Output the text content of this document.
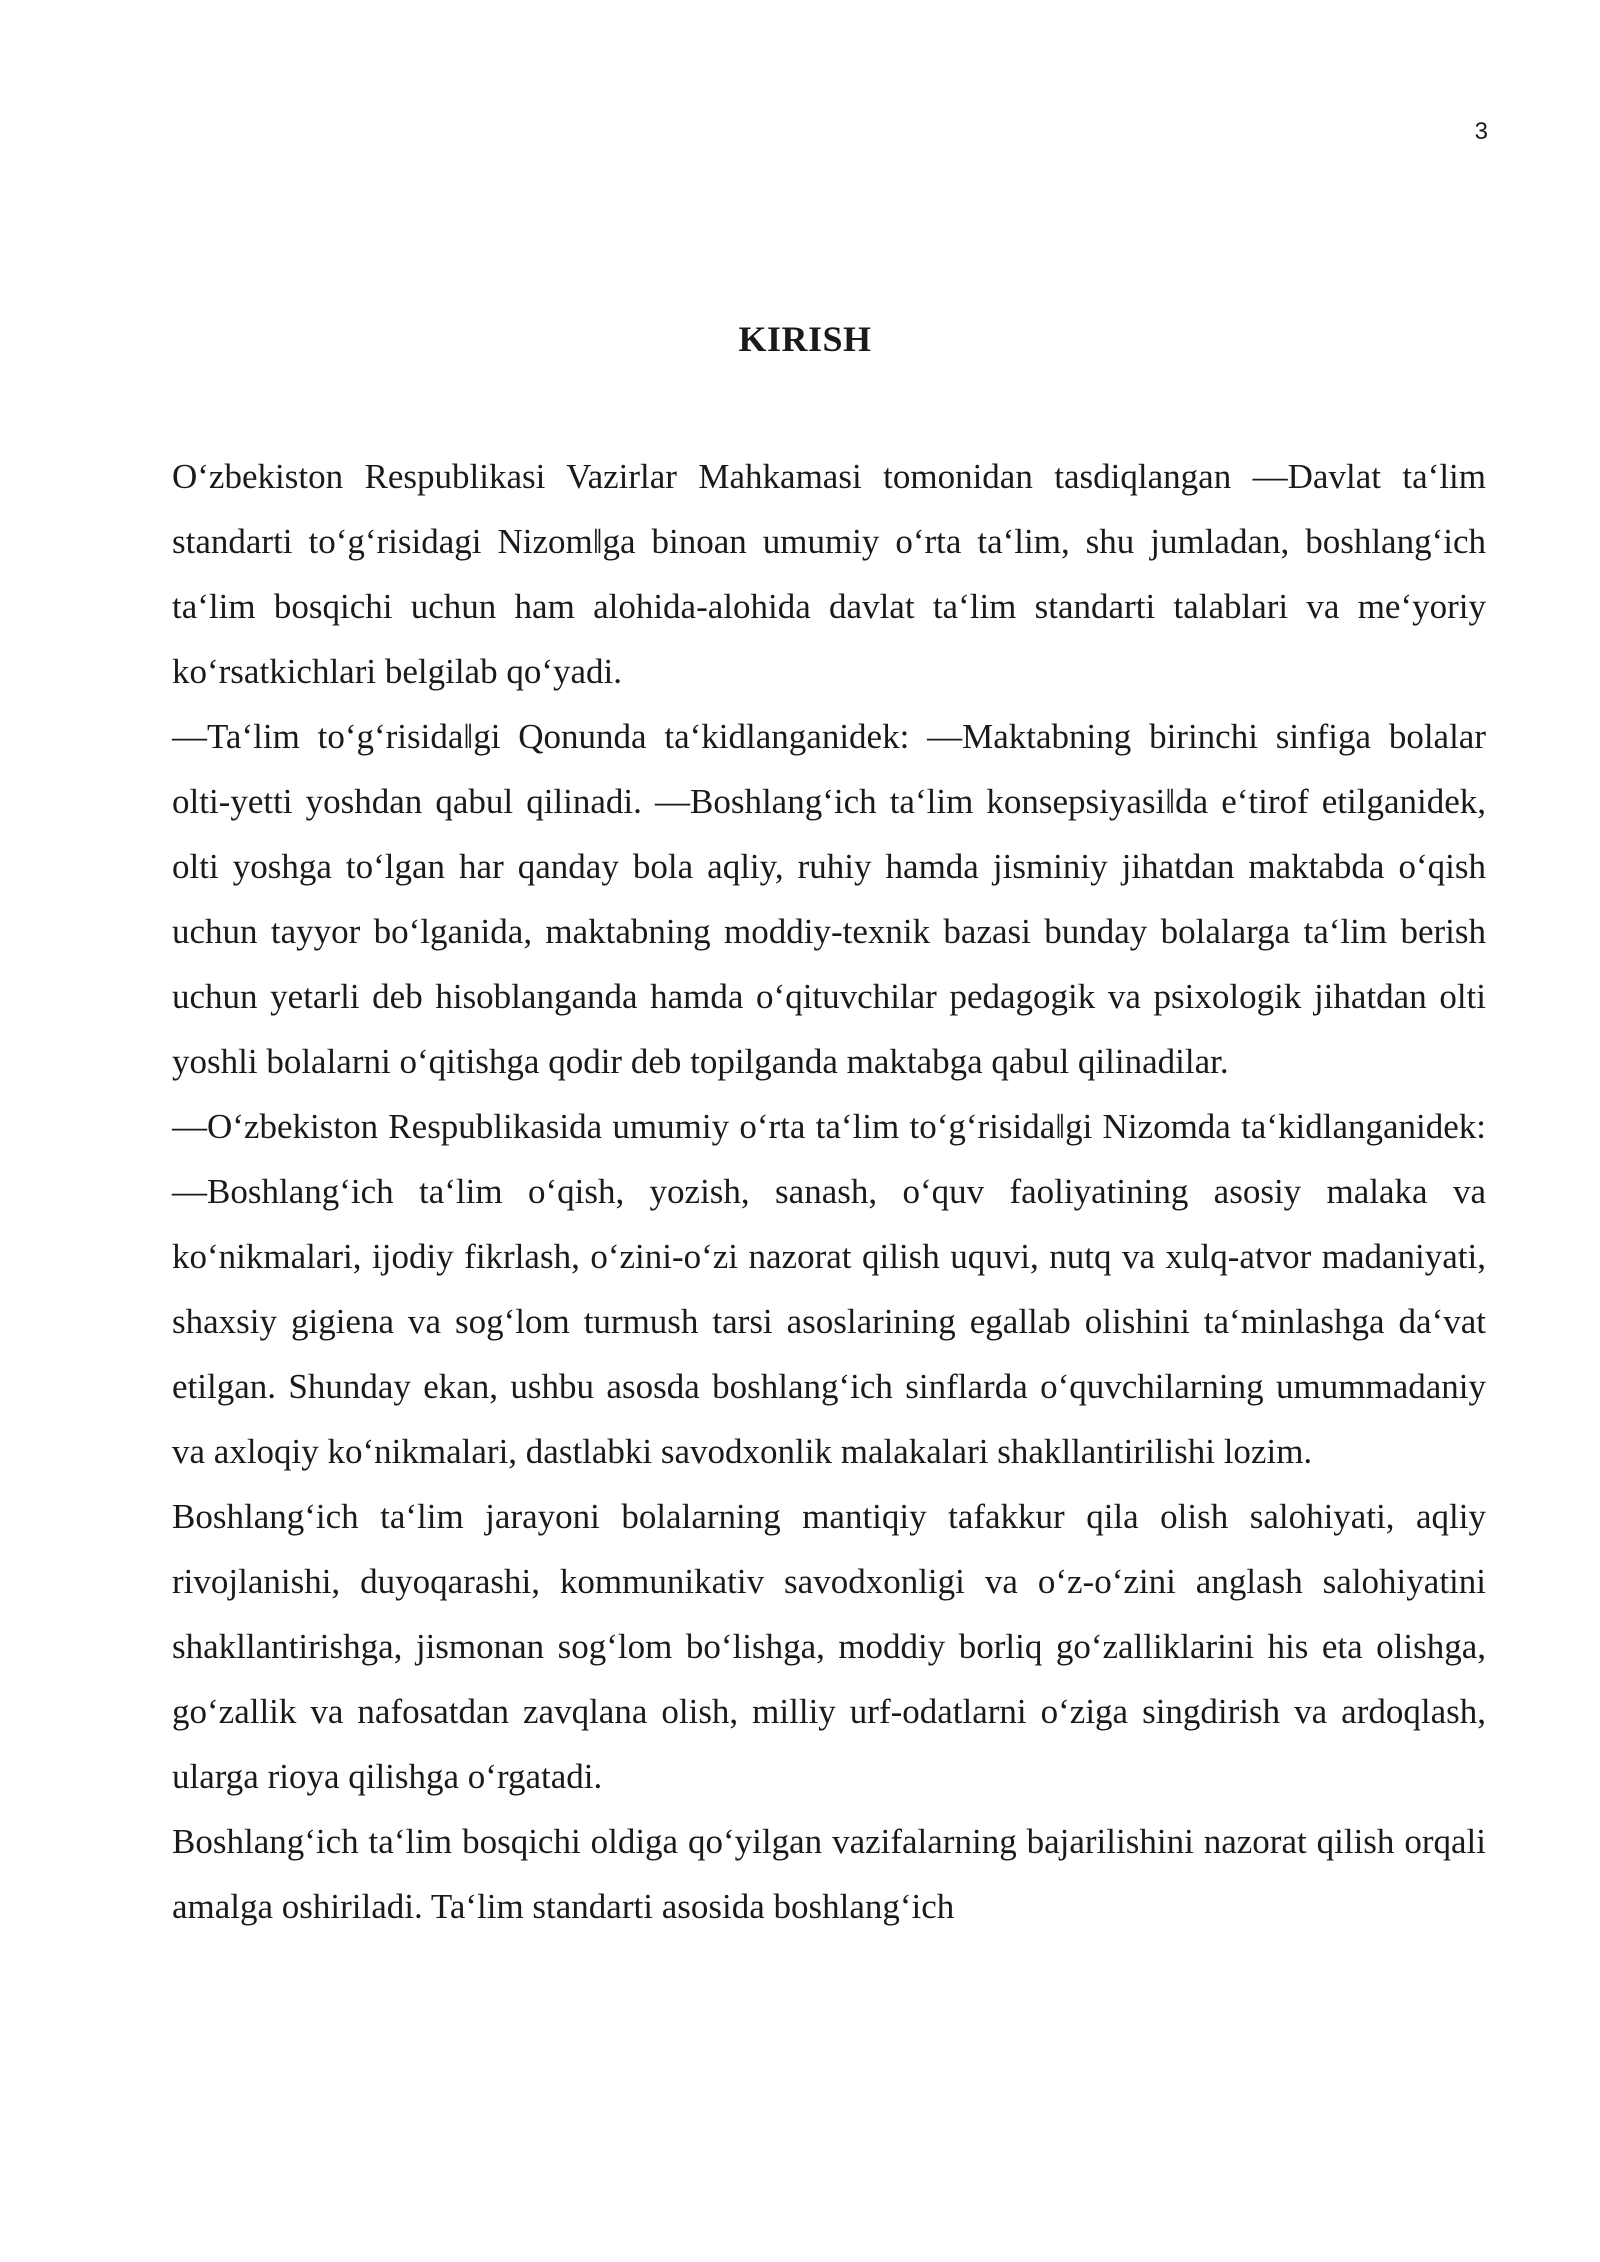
3
KIRISH

O‘zbekiston Respublikasi Vazirlar Mahkamasi tomonidan tasdiqlangan ―Davlat ta‘lim standarti to‘g‘risidagi Nizom‖ga binoan umumiy o‘rta ta‘lim, shu jumladan, boshlang‘ich ta‘lim bosqichi uchun ham alohida-alohida davlat ta‘lim standarti talablari va me‘yoriy ko‘rsatkichlari belgilab qo‘yadi.

―Ta‘lim to‘g‘risida‖gi Qonunda ta‘kidlanganidek: ―Maktabning birinchi sinfiga bolalar olti-yetti yoshdan qabul qilinadi. ―Boshlang‘ich ta‘lim konsepsiyasi‖da e‘tirof etilganidek, olti yoshga to‘lgan har qanday bola aqliy, ruhiy hamda jisminiy jihatdan maktabda o‘qish uchun tayyor bo‘lganida, maktabning moddiy-texnik bazasi bunday bolalarga ta‘lim berish uchun yetarli deb hisoblanganda hamda o‘qituvchilar pedagogik va psixologik jihatdan olti yoshli bolalarni o‘qitishga qodir deb topilganda maktabga qabul qilinadilar.

―O‘zbekiston Respublikasida umumiy o‘rta ta‘lim to‘g‘risida‖gi Nizomda ta‘kidlanganidek: ―Boshlang‘ich ta‘lim o‘qish, yozish, sanash, o‘quv faoliyatining asosiy malaka va ko‘nikmalari, ijodiy fikrlash, o‘zini-o‘zi nazorat qilish uquvi, nutq va xulq-atvor madaniyati, shaxsiy gigiena va sog‘lom turmush tarsi asoslarining egallab olishini ta‘minlashga da‘vat etilgan. Shunday ekan, ushbu asosda boshlang‘ich sinflarda o‘quvchilarning umummadaniy va axloqiy ko‘nikmalari, dastlabki savodxonlik malakalari shakllantirilishi lozim.

Boshlang‘ich ta‘lim jarayoni bolalarning mantiqiy tafakkur qila olish salohiyati, aqliy rivojlanishi, duyoqarashi, kommunikativ savodxonligi va o‘z-o‘zini anglash salohiyatini shakllantirishga, jismonan sog‘lom bo‘lishga, moddiy borliq go‘zalliklarini his eta olishga, go‘zallik va nafosatdan zavqlana olish, milliy urf-odatlarni o‘ziga singdirish va ardoqlash, ularga rioya qilishga o‘rgatadi.

Boshlang‘ich ta‘lim bosqichi oldiga qo‘yilgan vazifalarning bajarilishini nazorat qilish orqali amalga oshiriladi. Ta‘lim standarti asosida boshlang‘ich
